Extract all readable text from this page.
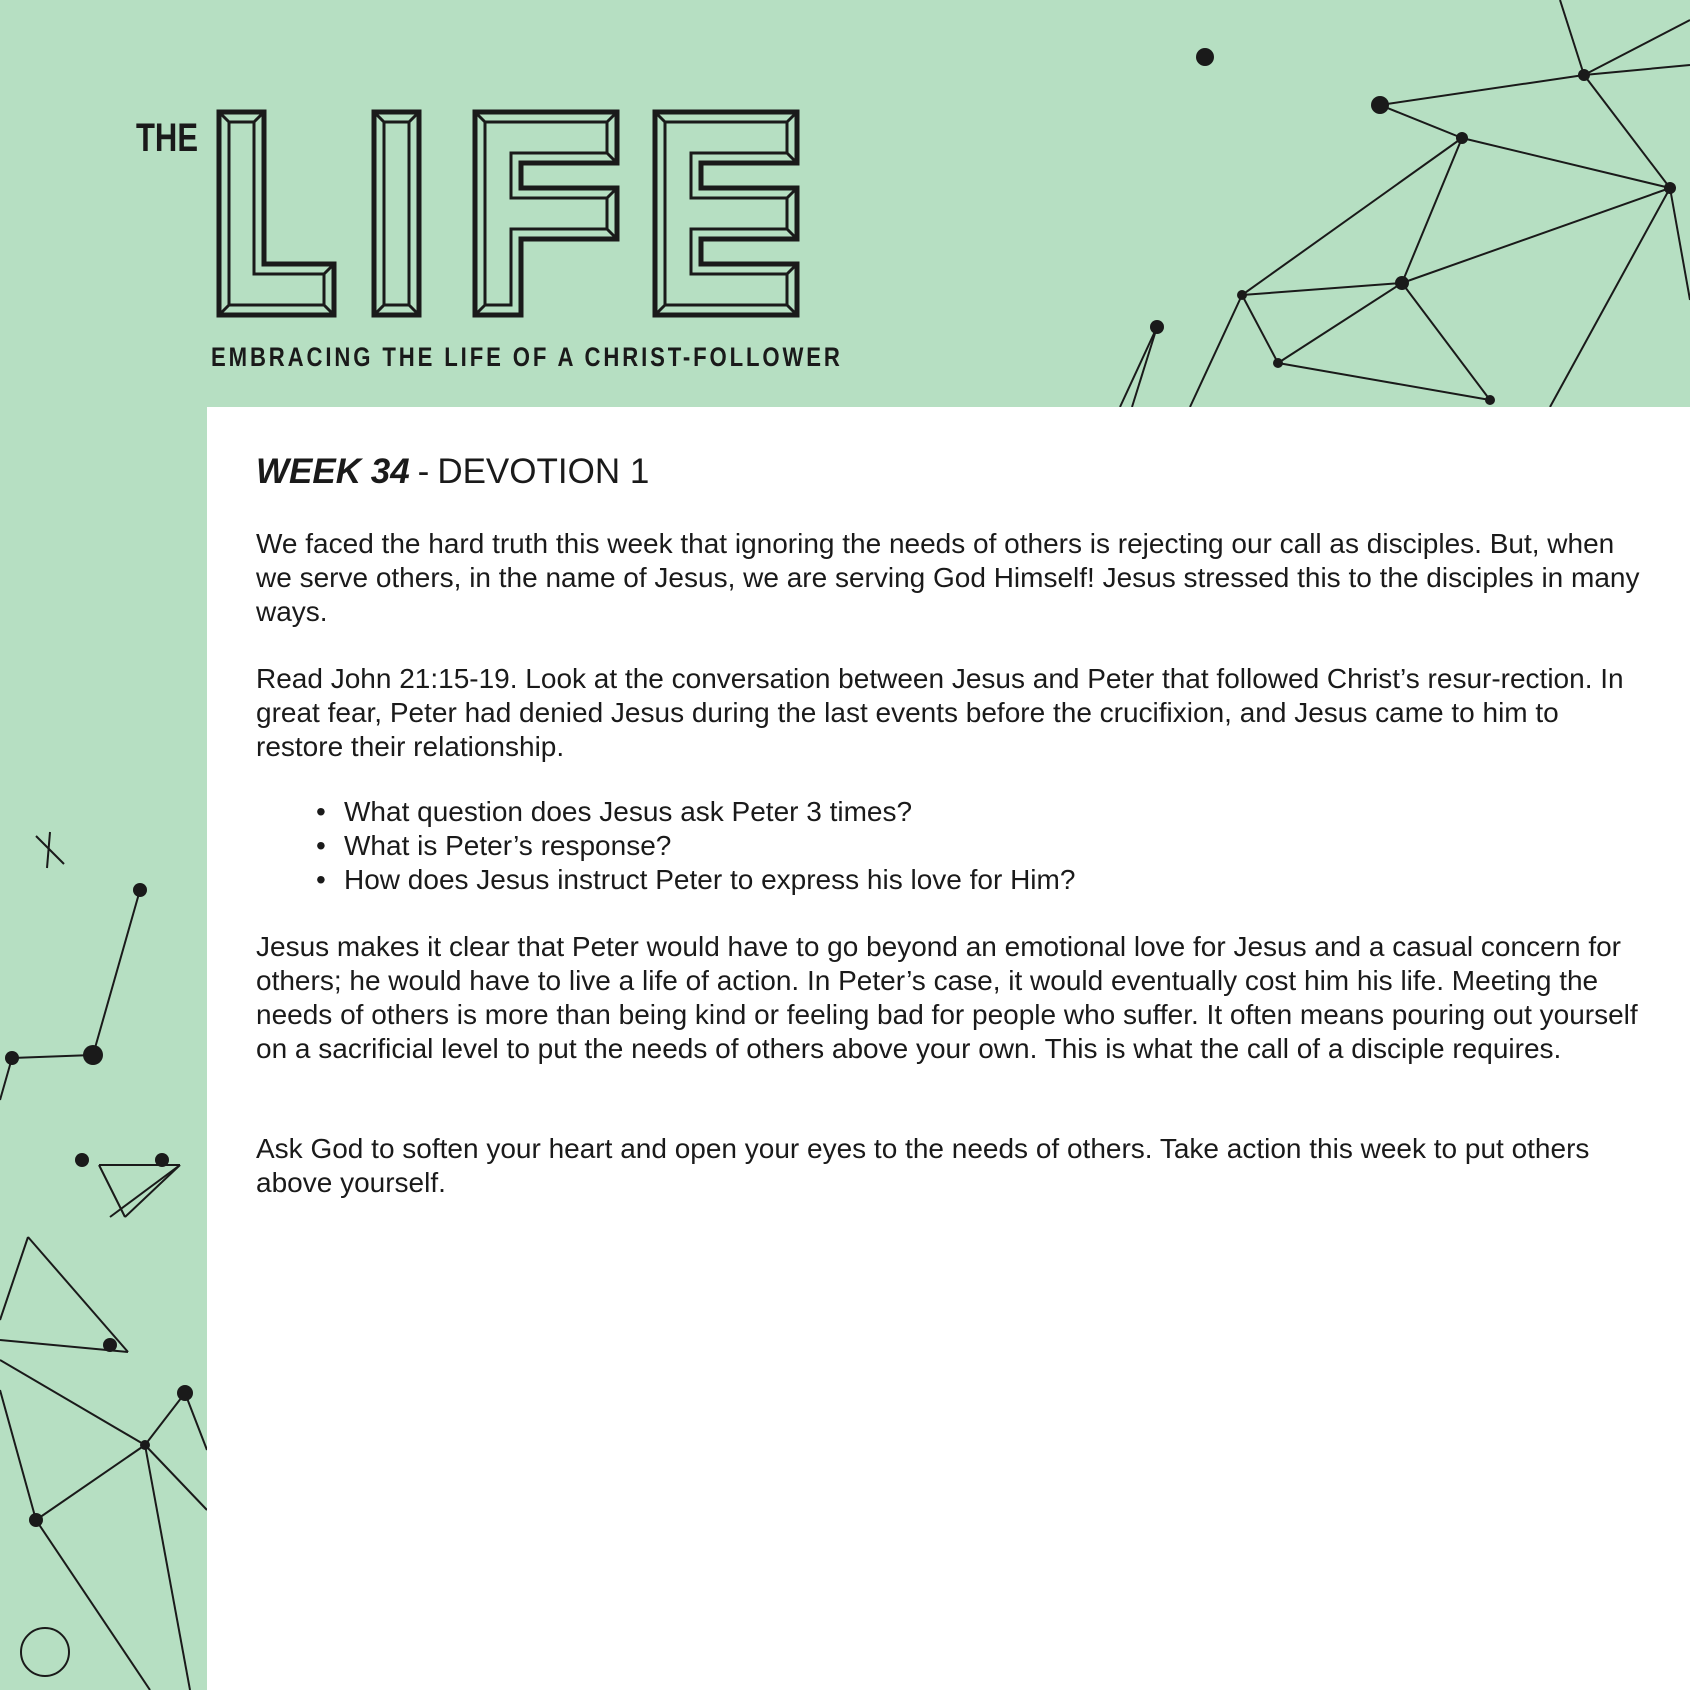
THE
EMBRACING THE LIFE OF A CHRIST-FOLLOWER
WEEK 34 - DEVOTION 1

We faced the hard truth this week that ignoring the needs of others is rejecting our call as disciples. But, when we serve others, in the name of Jesus, we are serving God Himself! Jesus stressed this to the disciples in many ways.

Read John 21:15-19. Look at the conversation between Jesus and Peter that followed Christ’s resur-rection. In great fear, Peter had denied Jesus during the last events before the crucifixion, and Jesus came to him to restore their relationship.

• What question does Jesus ask Peter 3 times?
• What is Peter’s response?
• How does Jesus instruct Peter to express his love for Him?

Jesus makes it clear that Peter would have to go beyond an emotional love for Jesus and a casual concern for others; he would have to live a life of action. In Peter’s case, it would eventually cost him his life. Meeting the needs of others is more than being kind or feeling bad for people who suffer. It often means pouring out yourself on a sacrificial level to put the needs of others above your own. This is what the call of a disciple requires.

Ask God to soften your heart and open your eyes to the needs of others. Take action this week to put others above yourself.
